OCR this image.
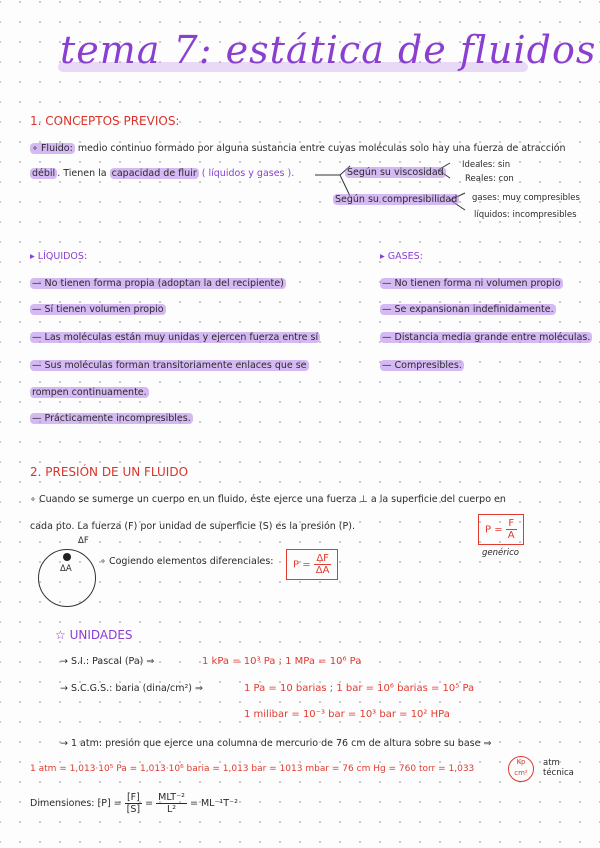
tema 7: estática de fluidos
1. CONCEPTOS PREVIOS:
∘ Fluido: medio continuo formado por alguna sustancia entre cuyas moléculas solo hay una fuerza de atracción
débil . Tienen la capacidad de fluir ( líquidos y gases ).	Según su viscosidad
Ideales: sin
Reales: con
Según su compresibilidad gases: muy compresibles
líquidos: incompresibles
▸ LÍQUIDOS:	▸ GASES:
— No tienen forma propia (adoptan la del recipiente)
— Sí tienen volumen propio
— Las moléculas están muy unidas y ejercen fuerza entre sí
— Sus moléculas forman transitoriamente enlaces que se
rompen continuamente.
— Prácticamente incompresibles.
— No tienen forma ni volumen propio
— Se expansionan indefinidamente.
— Distancia media grande entre moléculas.
— Compresibles.
2. PRESIÓN DE UN FLUIDO
∘ Cuando se sumerge un cuerpo en un fluido, éste ejerce una fuerza ⊥ a la superficie del cuerpo en
cada pto. La fuerza (F) por unidad de superficie (S) es la presión (P).	$P = \frac{F}{A}$
genérico
ΔF
ΔA
∘ Cogiendo elementos diferenciales:	$P = \frac{\Delta F}{\Delta A}$
☆ UNIDADES
→ S.I.: Pascal (Pa) ⇒	1 kPa = 10³ Pa ; 1 MPa = 10⁶ Pa
→ S.C.G.S.: baria (dina/cm²) ⇒	1 Pa = 10 barias ; 1 bar = 10⁶ barias = 10⁵ Pa
1 milibar = 10⁻³ bar = 10³ bar = 10² HPa
→ 1 atm: presión que ejerce una columna de mercurio de 76 cm de altura sobre su base ⇒
1 atm = 1,013·10⁵ Pa = 1,013·10⁶ baria = 1,013 bar = 1013 mbar = 76 cm Hg = 760 torr = 1,033
Kp
cm²
atm técnica
Dimensiones: $[P] = \frac{[F]}{[S]} = \frac{\text{MLT⁻²}}{\text{L²}} = ML^{-1}T^{-2}$
